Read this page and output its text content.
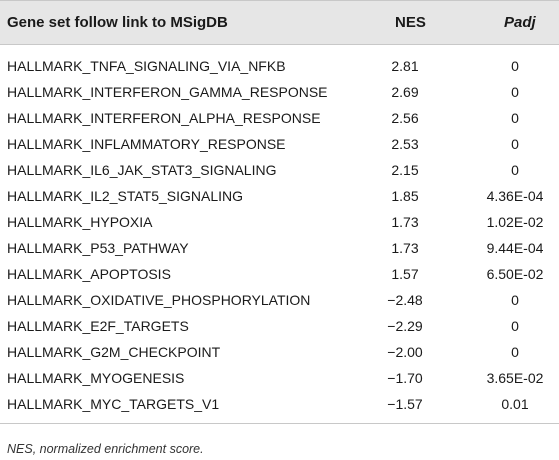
Gene set follow link to MSigDB	NES	Padj
HALLMARK_TNFA_SIGNALING_VIA_NFKB	2.81	0
HALLMARK_INTERFERON_GAMMA_RESPONSE	2.69	0
HALLMARK_INTERFERON_ALPHA_RESPONSE	2.56	0
HALLMARK_INFLAMMATORY_RESPONSE	2.53	0
HALLMARK_IL6_JAK_STAT3_SIGNALING	2.15	0
HALLMARK_IL2_STAT5_SIGNALING	1.85	4.36E-04
HALLMARK_HYPOXIA	1.73	1.02E-02
HALLMARK_P53_PATHWAY	1.73	9.44E-04
HALLMARK_APOPTOSIS	1.57	6.50E-02
HALLMARK_OXIDATIVE_PHOSPHORYLATION	−2.48	0
HALLMARK_E2F_TARGETS	−2.29	0
HALLMARK_G2M_CHECKPOINT	−2.00	0
HALLMARK_MYOGENESIS	−1.70	3.65E-02
HALLMARK_MYC_TARGETS_V1	−1.57	0.01
NES, normalized enrichment score.
